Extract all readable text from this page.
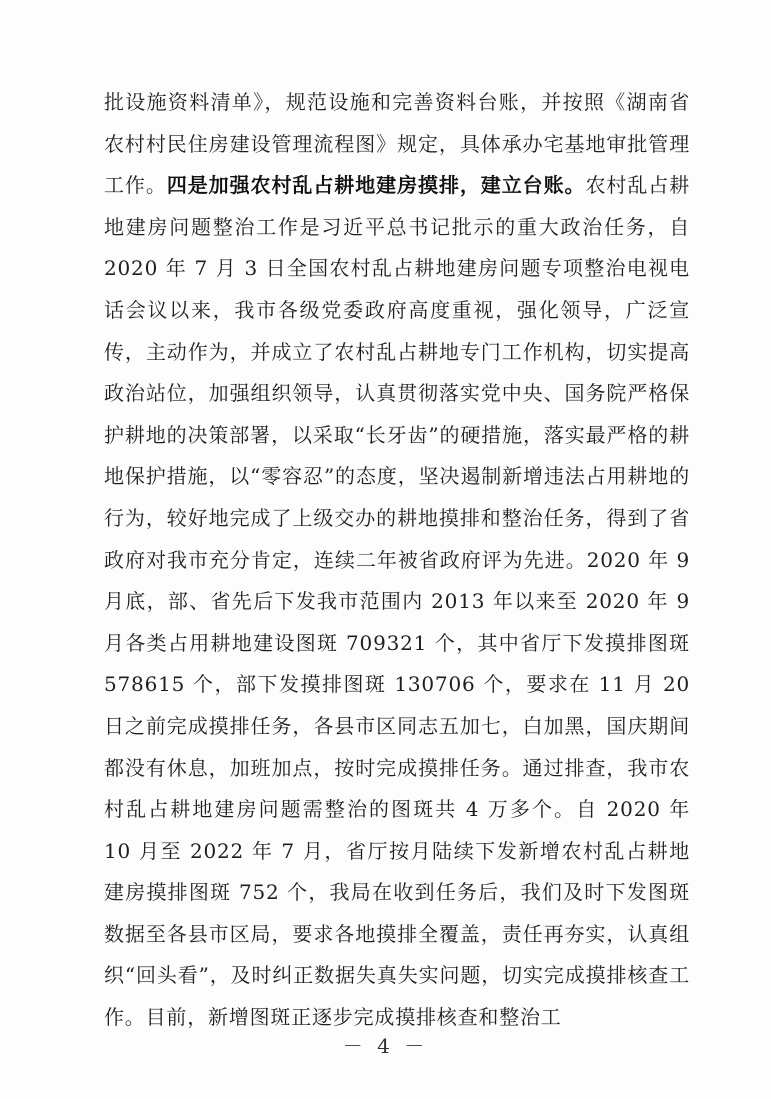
批设施资料清单》，规范设施和完善资料台账，并按照《湖南省农村村民住房建设管理流程图》规定，具体承办宅基地审批管理工作。四是加强农村乱占耕地建房摸排，建立台账。农村乱占耕地建房问题整治工作是习近平总书记批示的重大政治任务，自 2020 年 7 月 3 日全国农村乱占耕地建房问题专项整治电视电话会议以来，我市各级党委政府高度重视，强化领导，广泛宣传，主动作为，并成立了农村乱占耕地专门工作机构，切实提高政治站位，加强组织领导，认真贯彻落实党中央、国务院严格保护耕地的决策部署，以采取“长牙齿”的硬措施，落实最严格的耕地保护措施，以“零容忍”的态度，坚决遏制新增违法占用耕地的行为，较好地完成了上级交办的耕地摸排和整治任务，得到了省政府对我市充分肯定，连续二年被省政府评为先进。2020 年 9 月底，部、省先后下发我市范围内 2013 年以来至 2020 年 9 月各类占用耕地建设图斑 709321 个，其中省厅下发摸排图斑 578615 个，部下发摸排图斑 130706 个，要求在 11 月 20 日之前完成摸排任务，各县市区同志五加七，白加黑，国庆期间都没有休息，加班加点，按时完成摸排任务。通过排查，我市农村乱占耕地建房问题需整治的图斑共 4 万多个。自 2020 年 10 月至 2022 年 7 月，省厅按月陆续下发新增农村乱占耕地建房摸排图斑 752 个，我局在收到任务后，我们及时下发图斑数据至各县市区局，要求各地摸排全覆盖，责任再夯实，认真组织“回头看”，及时纠正数据失真失实问题，切实完成摸排核查工作。目前，新增图斑正逐步完成摸排核查和整治工

－ 4 －
